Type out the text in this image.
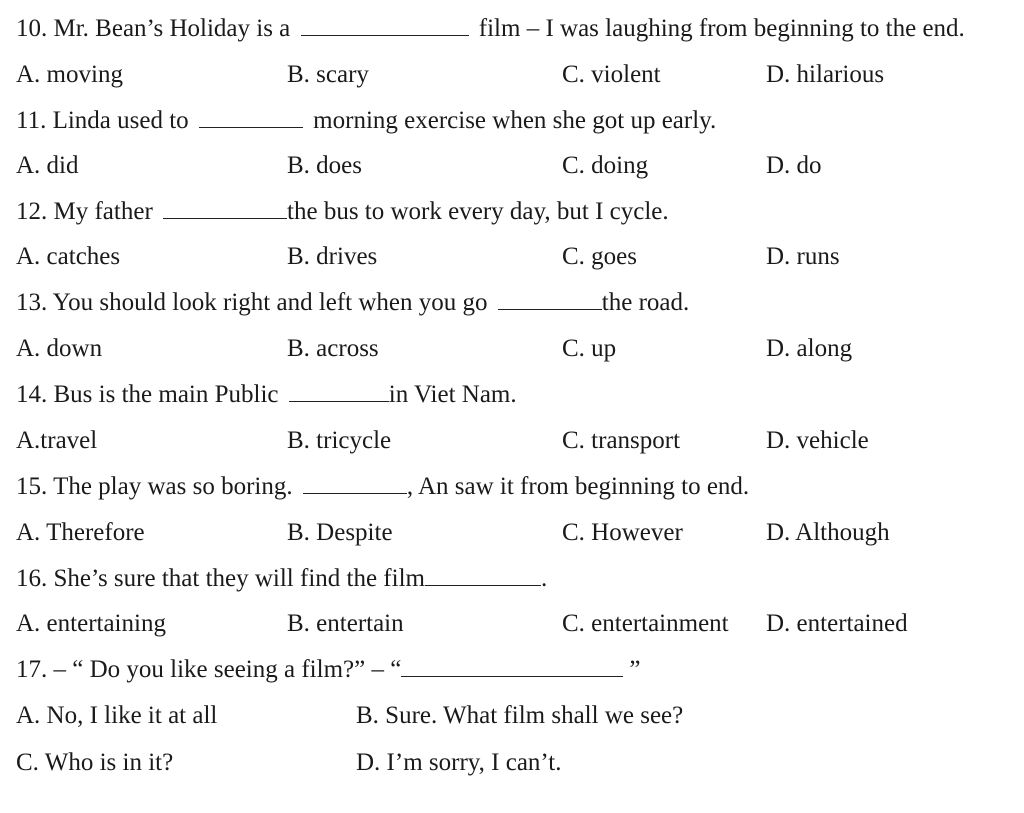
10. Mr. Bean’s Holiday is a	film – I was laughing from beginning to the end.
A. moving	B. scary	C. violent	D. hilarious
11. Linda used to	morning exercise when she got up early.
A. did	B. does	C. doing	D. do
12. My father	the bus to work every day, but I cycle.
A. catches	B. drives	C. goes	D. runs
13. You should look right and left when you go	the road.
A. down	B. across	C. up	D. along
14. Bus is the main Public	in Viet Nam.
A.travel	B. tricycle	C. transport	D. vehicle
15. The play was so boring.	, An saw it from beginning to end.
A. Therefore	B. Despite	C. However	D. Although
16. She’s sure that they will find the film	.
A. entertaining	B. entertain	C. entertainment D. entertained
17. – “ Do you like seeing a film?” – “	”
A. No, I like it at all	B. Sure. What film shall we see?
C. Who is in it?	D. I’m sorry, I can’t.
